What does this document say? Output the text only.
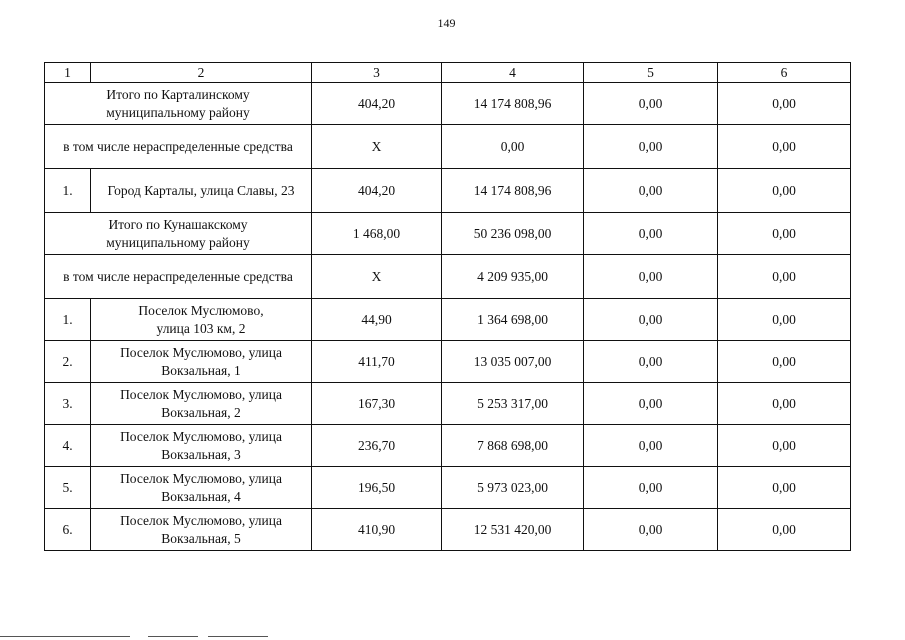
149
1	2	3	4	5	6

Итого по Карталинскому
муниципальному району		404,20	14 174 808,96	0,00	0,00
в том числе нераспределенные средства		Х	0,00	0,00	0,00
1.	Город Карталы, улица Славы, 23	404,20	14 174 808,96	0,00	0,00

Итого по Кунашакскому
муниципальному району		1 468,00	50 236 098,00	0,00	0,00
в том числе нераспределенные средства		Х	4 209 935,00	0,00	0,00
1.	Поселок Муслюмово,
улица 103 км, 2	44,90	1 364 698,00	0,00	0,00
2.	Поселок Муслюмово, улица
Вокзальная, 1	411,70	13 035 007,00	0,00	0,00
3.	Поселок Муслюмово, улица
Вокзальная, 2	167,30	5 253 317,00	0,00	0,00
4.	Поселок Муслюмово, улица
Вокзальная, 3	236,70	7 868 698,00	0,00	0,00
5.	Поселок Муслюмово, улица
Вокзальная, 4	196,50	5 973 023,00	0,00	0,00
6.	Поселок Муслюмово, улица
Вокзальная, 5	410,90	12 531 420,00	0,00	0,00
